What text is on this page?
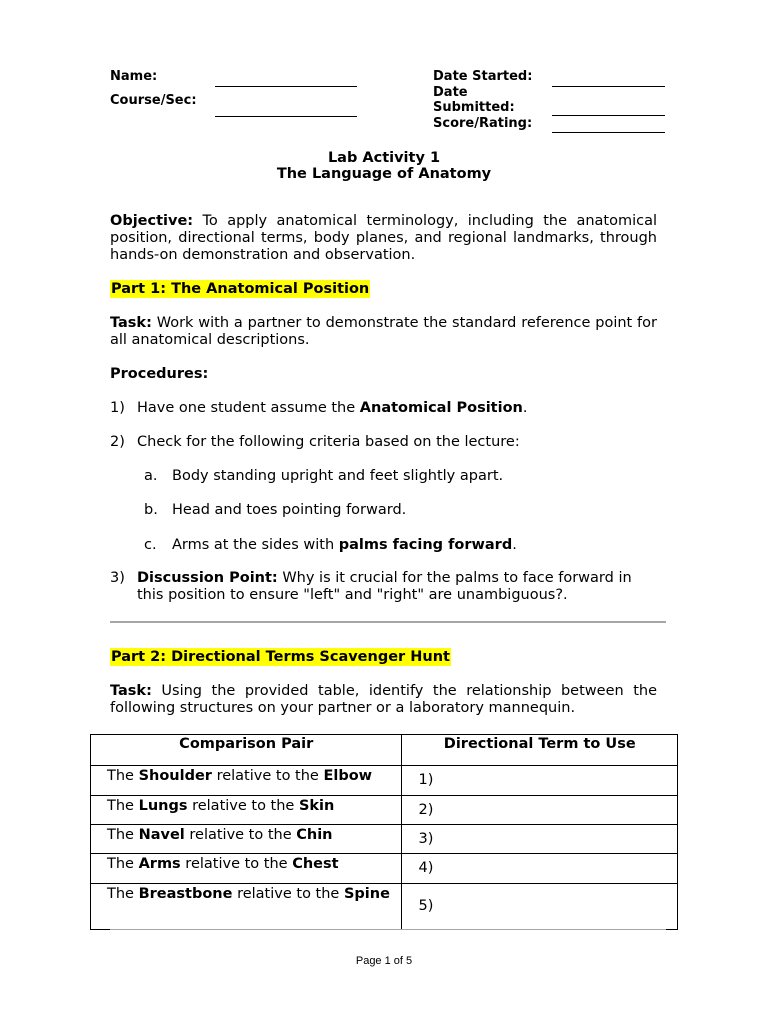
Name:
Course/Sec:
Date Started:
Date
Submitted:
Score/Rating:
Lab Activity 1
The Language of Anatomy
Objective: To apply anatomical terminology, including the anatomical position, directional terms, body planes, and regional landmarks, through hands-on demonstration and observation.
Part 1: The Anatomical Position
Task: Work with a partner to demonstrate the standard reference point for all anatomical descriptions.
Procedures:
1) Have one student assume the Anatomical Position.
2) Check for the following criteria based on the lecture:
a. Body standing upright and feet slightly apart.
b. Head and toes pointing forward.
c. Arms at the sides with palms facing forward.
3) Discussion Point: Why is it crucial for the palms to face forward in this position to ensure "left" and "right" are unambiguous?.
Part 2: Directional Terms Scavenger Hunt
Task: Using the provided table, identify the relationship between the following structures on your partner or a laboratory mannequin.
Comparison Pair	Directional Term to Use
The Shoulder relative to the Elbow	1)
The Lungs relative to the Skin	2)
The Navel relative to the Chin	3)
The Arms relative to the Chest	4)
The Breastbone relative to the Spine	5)
Page 1 of 5
